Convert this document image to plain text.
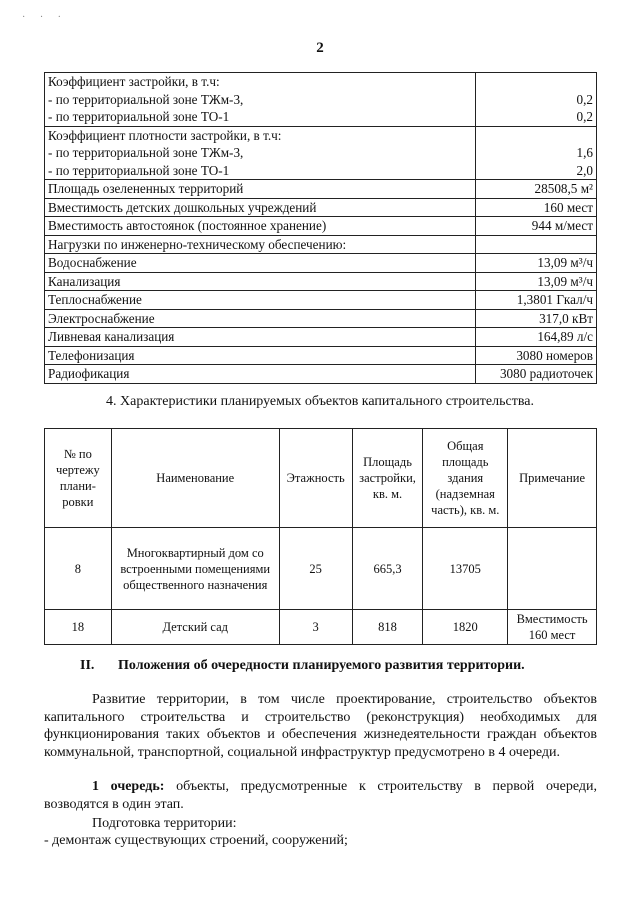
· · ·
2
Коэффициент застройки, в т.ч:	
- по территориальной зоне ТЖм-3,	0,2
- по территориальной зоне ТО-1	0,2
Коэффициент плотности застройки, в т.ч:	
- по территориальной зоне ТЖм-3,	1,6
- по территориальной зоне ТО-1	2,0
Площадь озелененных территорий	28508,5 м²
Вместимость детских дошкольных учреждений	160 мест
Вместимость автостоянок (постоянное хранение)	944 м/мест
Нагрузки по инженерно-техническому обеспечению:	
Водоснабжение	13,09 м³/ч
Канализация	13,09 м³/ч
Теплоснабжение	1,3801 Гкал/ч
Электроснабжение	317,0 кВт
Ливневая канализация	164,89 л/с
Телефонизация	3080 номеров
Радиофикация	3080 радиоточек
4. Характеристики планируемых объектов капитального строительства.
№ по чертежу плани-ровки	Наименование	Этажность	Площадь застройки, кв. м.	Общая площадь здания (надземная часть), кв. м.	Примечание
8	Многоквартирный дом со встроенными помещениями общественного назначения	25	665,3	13705	
18	Детский сад	3	818	1820	Вместимость 160 мест
II. Положения об очередности планируемого развития территории.
Развитие территории, в том числе проектирование, строительство объектов капитального строительства и строительство (реконструкция) необходимых для функционирования таких объектов и обеспечения жизнедеятельности граждан объектов коммунальной, транспортной, социальной инфраструктур предусмотрено в 4 очереди.
1 очередь: объекты, предусмотренные к строительству в первой очереди, возводятся в один этап.
Подготовка территории:
- демонтаж существующих строений, сооружений;
